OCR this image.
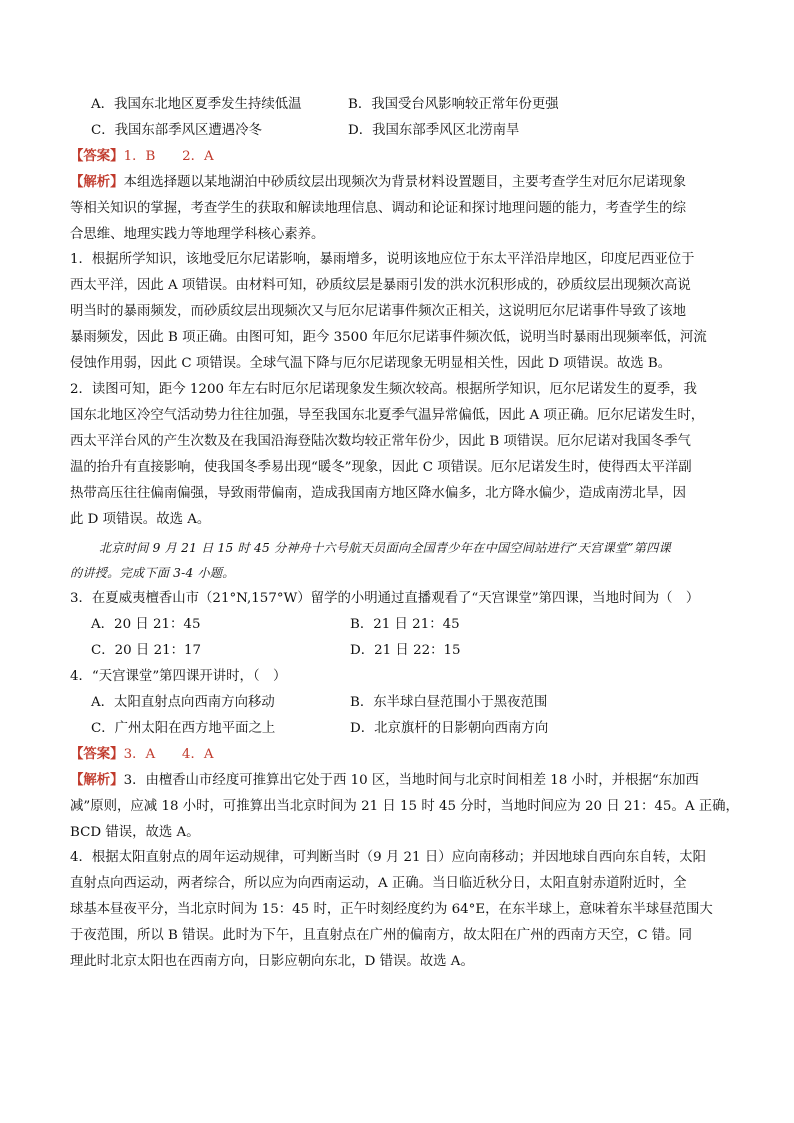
A．我国东北地区夏季发生持续低温	B．我国受台风影响较正常年份更强
C．我国东部季风区遭遇冷冬	D．我国东部季风区北涝南旱
【答案】1．B　　2．A
【解析】本组选择题以某地湖泊中砂质纹层出现频次为背景材料设置题目，主要考查学生对厄尔尼诺现象
等相关知识的掌握，考查学生的获取和解读地理信息、调动和论证和探讨地理问题的能力，考查学生的综
合思维、地理实践力等地理学科核心素养。
1．根据所学知识，该地受厄尔尼诺影响，暴雨增多，说明该地应位于东太平洋沿岸地区，印度尼西亚位于
西太平洋，因此 A 项错误。由材料可知，砂质纹层是暴雨引发的洪水沉积形成的，砂质纹层出现频次高说
明当时的暴雨频发，而砂质纹层出现频次又与厄尔尼诺事件频次正相关，这说明厄尔尼诺事件导致了该地
暴雨频发，因此 B 项正确。由图可知，距今 3500 年厄尔尼诺事件频次低，说明当时暴雨出现频率低，河流
侵蚀作用弱，因此 C 项错误。全球气温下降与厄尔尼诺现象无明显相关性，因此 D 项错误。故选 B。
2．读图可知，距今 1200 年左右时厄尔尼诺现象发生频次较高。根据所学知识，厄尔尼诺发生的夏季，我
国东北地区冷空气活动势力往往加强，导至我国东北夏季气温异常偏低，因此 A 项正确。厄尔尼诺发生时，
西太平洋台风的产生次数及在我国沿海登陆次数均较正常年份少，因此 B 项错误。厄尔尼诺对我国冬季气
温的抬升有直接影响，使我国冬季易出现“暖冬”现象，因此 C 项错误。厄尔尼诺发生时，使得西太平洋副
热带高压往往偏南偏强，导致雨带偏南，造成我国南方地区降水偏多，北方降水偏少，造成南涝北旱，因
此 D 项错误。故选 A。
北京时间 9 月 21 日 15 时 45 分神舟十六号航天员面向全国青少年在中国空间站进行“天宫课堂”第四课
的讲授。完成下面 3-4 小题。
3．在夏威夷檀香山市（21°N,157°W）留学的小明通过直播观看了“天宫课堂”第四课，当地时间为（　）
A．20 日 21：45	B．21 日 21：45
C．20 日 21：17	D．21 日 22：15
4．“天宫课堂”第四课开讲时，（　）
A．太阳直射点向西南方向移动	B．东半球白昼范围小于黑夜范围
C．广州太阳在西方地平面之上	D．北京旗杆的日影朝向西南方向
【答案】3．A　　4．A
【解析】3．由檀香山市经度可推算出它处于西 10 区，当地时间与北京时间相差 18 小时，并根据“东加西
减”原则，应减 18 小时，可推算出当北京时间为 21 日 15 时 45 分时，当地时间应为 20 日 21：45。A 正确，
BCD 错误，故选 A。
4．根据太阳直射点的周年运动规律，可判断当时（9 月 21 日）应向南移动；并因地球自西向东自转，太阳
直射点向西运动，两者综合，所以应为向西南运动，A 正确。当日临近秋分日，太阳直射赤道附近时，全
球基本昼夜平分，当北京时间为 15：45 时，正午时刻经度约为 64°E，在东半球上，意味着东半球昼范围大
于夜范围，所以 B 错误。此时为下午，且直射点在广州的偏南方，故太阳在广州的西南方天空，C 错。同
理此时北京太阳也在西南方向，日影应朝向东北，D 错误。故选 A。
